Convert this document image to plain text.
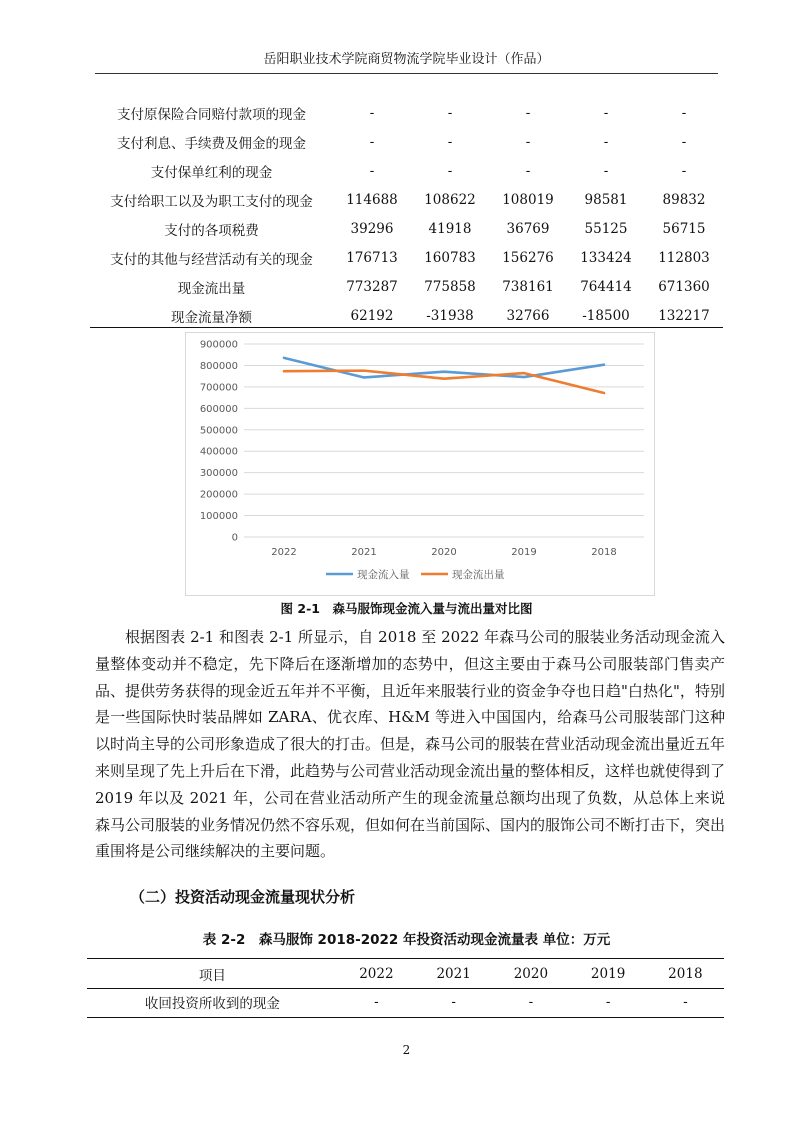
岳阳职业技术学院商贸物流学院毕业设计（作品）
支付原保险合同赔付款项的现金	-	-	-	-	-
支付利息、手续费及佣金的现金	-	-	-	-	-
支付保单红利的现金	-	-	-	-	-
支付给职工以及为职工支付的现金	114688	108622	108019	98581	89832
支付的各项税费	39296	41918	36769	55125	56715
支付的其他与经营活动有关的现金	176713	160783	156276	133424	112803
现金流出量	773287	775858	738161	764414	671360
现金流量净额	62192	-31938	32766	-18500	132217
0
100000
200000
300000
400000
500000
600000
700000
800000
900000
2022	2021	2020	2019	2018
现金流入量	现金流出量
图 2-1　森马服饰现金流入量与流出量对比图

根据图表 2-1 和图表 2-1 所显示，自 2018 至 2022 年森马公司的服装业务活动现金流入量整体变动并不稳定，先下降后在逐渐增加的态势中，但这主要由于森马公司服装部门售卖产品、提供劳务获得的现金近五年并不平衡，且近年来服装行业的资金争夺也日趋"白热化"，特别是一些国际快时装品牌如 ZARA、优衣库、H&M 等进入中国国内，给森马公司服装部门这种以时尚主导的公司形象造成了很大的打击。但是，森马公司的服装在营业活动现金流出量近五年来则呈现了先上升后在下滑，此趋势与公司营业活动现金流出量的整体相反，这样也就使得到了 2019 年以及 2021 年，公司在营业活动所产生的现金流量总额均出现了负数，从总体上来说森马公司服装的业务情况仍然不容乐观，但如何在当前国际、国内的服饰公司不断打击下，突出重围将是公司继续解决的主要问题。

（二）投资活动现金流量现状分析
表 2-2　森马服饰 2018-2022 年投资活动现金流量表 单位：万元
项目	2022	2021	2020	2019	2018
收回投资所收到的现金	-	-	-	-	-
2
